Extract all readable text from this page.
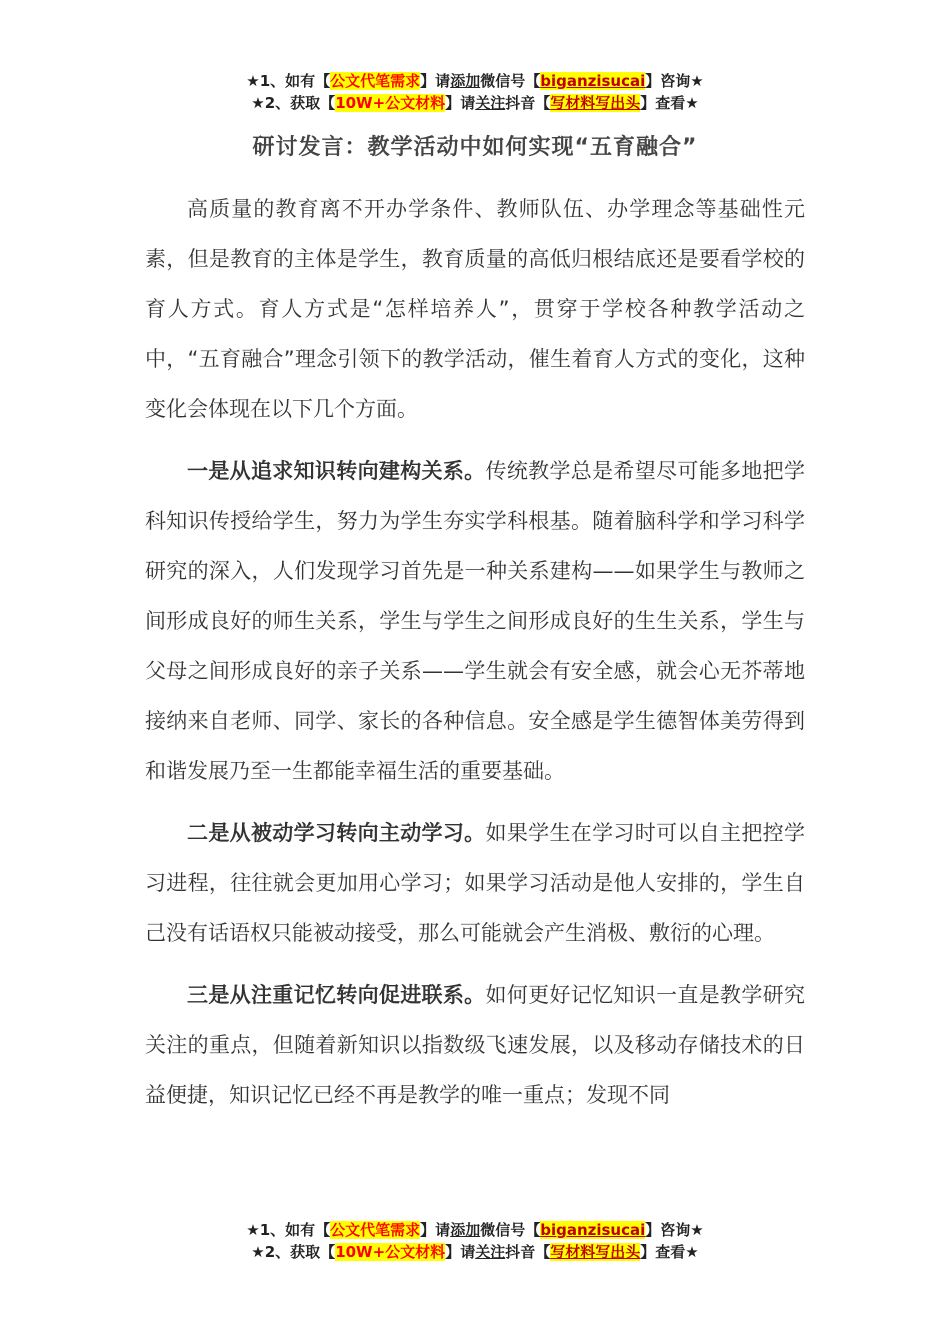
★1、如有【公文代笔需求】请添加微信号【biganzisucai】咨询★
★2、获取【10W+公文材料】请关注抖音【写材料写出头】查看★
研讨发言：教学活动中如何实现“五育融合”

高质量的教育离不开办学条件、教师队伍、办学理念等基础性元素，但是教育的主体是学生，教育质量的高低归根结底还是要看学校的育人方式。育人方式是“怎样培养人”，贯穿于学校各种教学活动之中，“五育融合”理念引领下的教学活动，催生着育人方式的变化，这种变化会体现在以下几个方面。

一是从追求知识转向建构关系。传统教学总是希望尽可能多地把学科知识传授给学生，努力为学生夯实学科根基。随着脑科学和学习科学研究的深入，人们发现学习首先是一种关系建构——如果学生与教师之间形成良好的师生关系，学生与学生之间形成良好的生生关系，学生与父母之间形成良好的亲子关系——学生就会有安全感，就会心无芥蒂地接纳来自老师、同学、家长的各种信息。安全感是学生德智体美劳得到和谐发展乃至一生都能幸福生活的重要基础。

二是从被动学习转向主动学习。如果学生在学习时可以自主把控学习进程，往往就会更加用心学习；如果学习活动是他人安排的，学生自己没有话语权只能被动接受，那么可能就会产生消极、敷衍的心理。

三是从注重记忆转向促进联系。如何更好记忆知识一直是教学研究关注的重点，但随着新知识以指数级飞速发展，以及移动存储技术的日益便捷，知识记忆已经不再是教学的唯一重点；发现不同

★1、如有【公文代笔需求】请添加微信号【biganzisucai】咨询★
★2、获取【10W+公文材料】请关注抖音【写材料写出头】查看★
